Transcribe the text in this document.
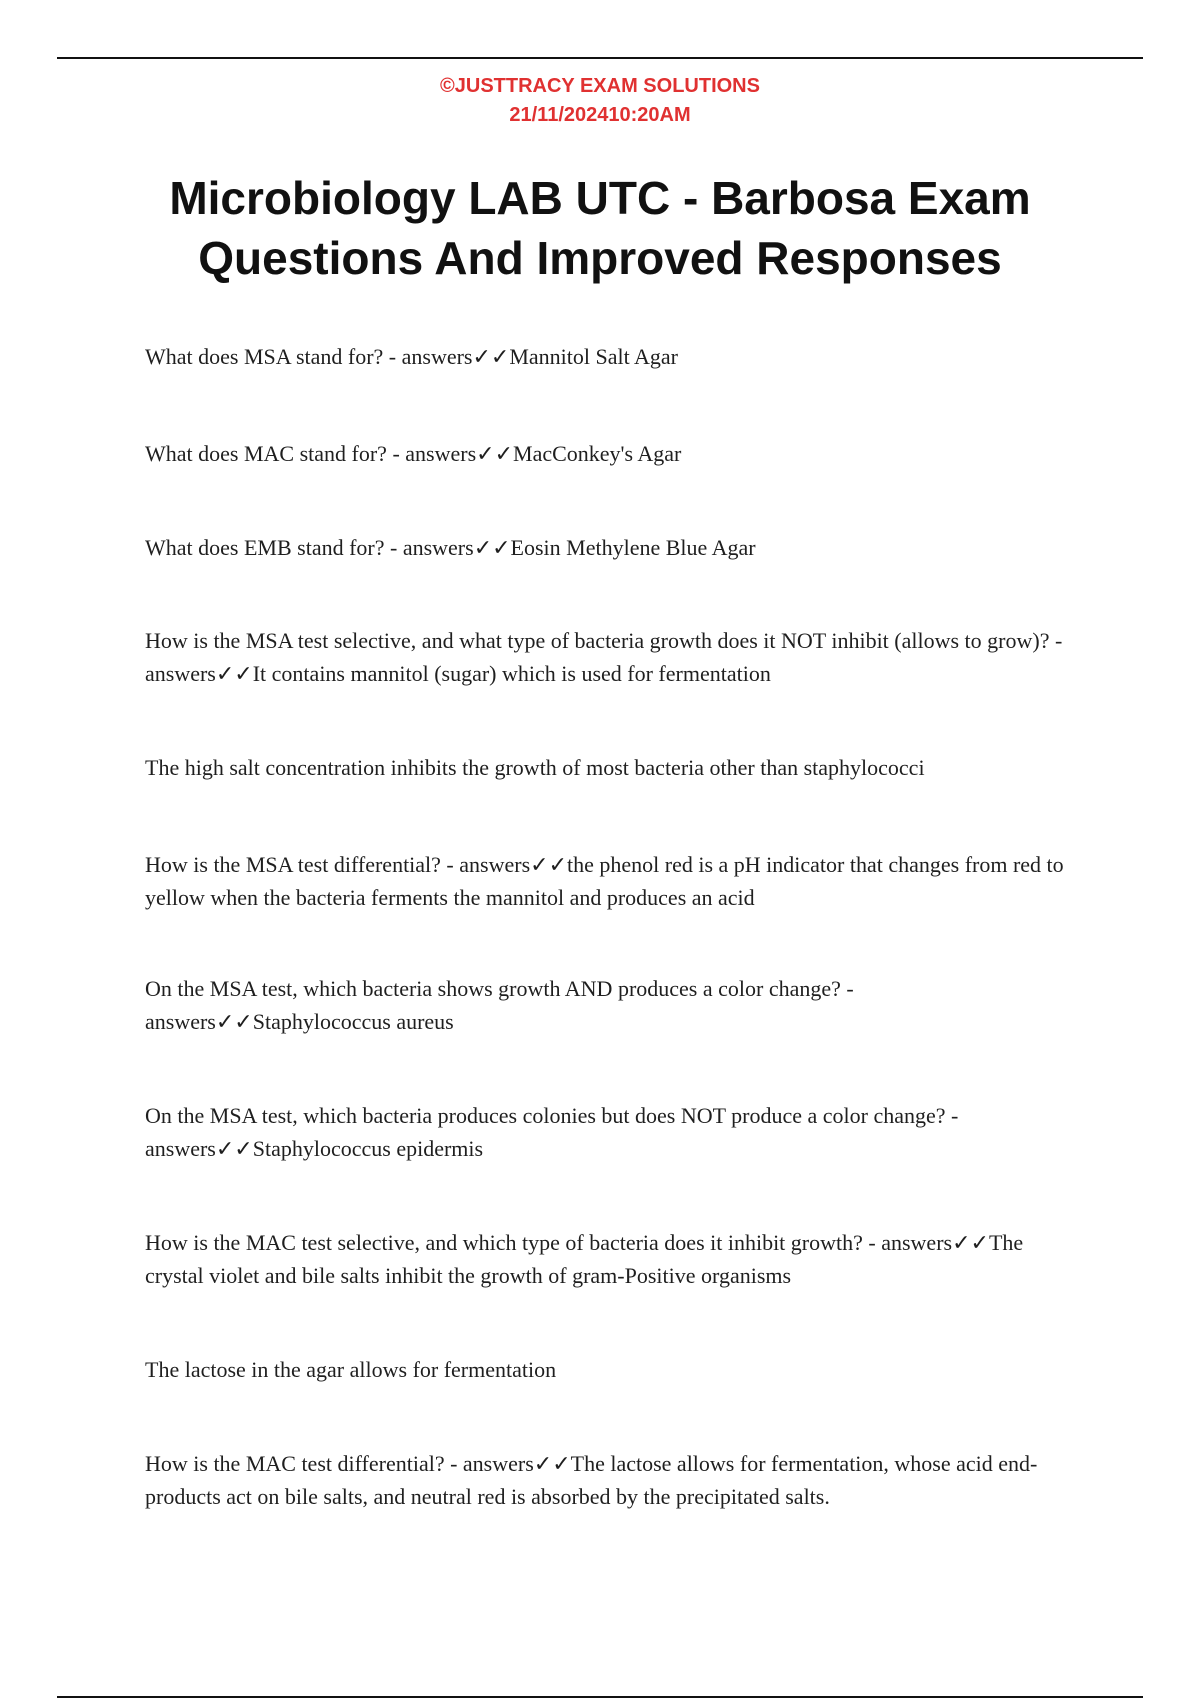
©JUSTTRACY EXAM SOLUTIONS
21/11/202410:20AM
Microbiology LAB UTC - Barbosa Exam
Questions And Improved Responses
What does MSA stand for? - answers✓✓Mannitol Salt Agar
What does MAC stand for? - answers✓✓MacConkey's Agar
What does EMB stand for? - answers✓✓Eosin Methylene Blue Agar
How is the MSA test selective, and what type of bacteria growth does it NOT inhibit (allows to grow)? - answers✓✓It contains mannitol (sugar) which is used for fermentation
The high salt concentration inhibits the growth of most bacteria other than staphylococci
How is the MSA test differential? - answers✓✓the phenol red is a pH indicator that changes from red to yellow when the bacteria ferments the mannitol and produces an acid
On the MSA test, which bacteria shows growth AND produces a color change? - answers✓✓Staphylococcus aureus
On the MSA test, which bacteria produces colonies but does NOT produce a color change? - answers✓✓Staphylococcus epidermis
How is the MAC test selective, and which type of bacteria does it inhibit growth? - answers✓✓The crystal violet and bile salts inhibit the growth of gram-Positive organisms
The lactose in the agar allows for fermentation
How is the MAC test differential? - answers✓✓The lactose allows for fermentation, whose acid end-products act on bile salts, and neutral red is absorbed by the precipitated salts.
